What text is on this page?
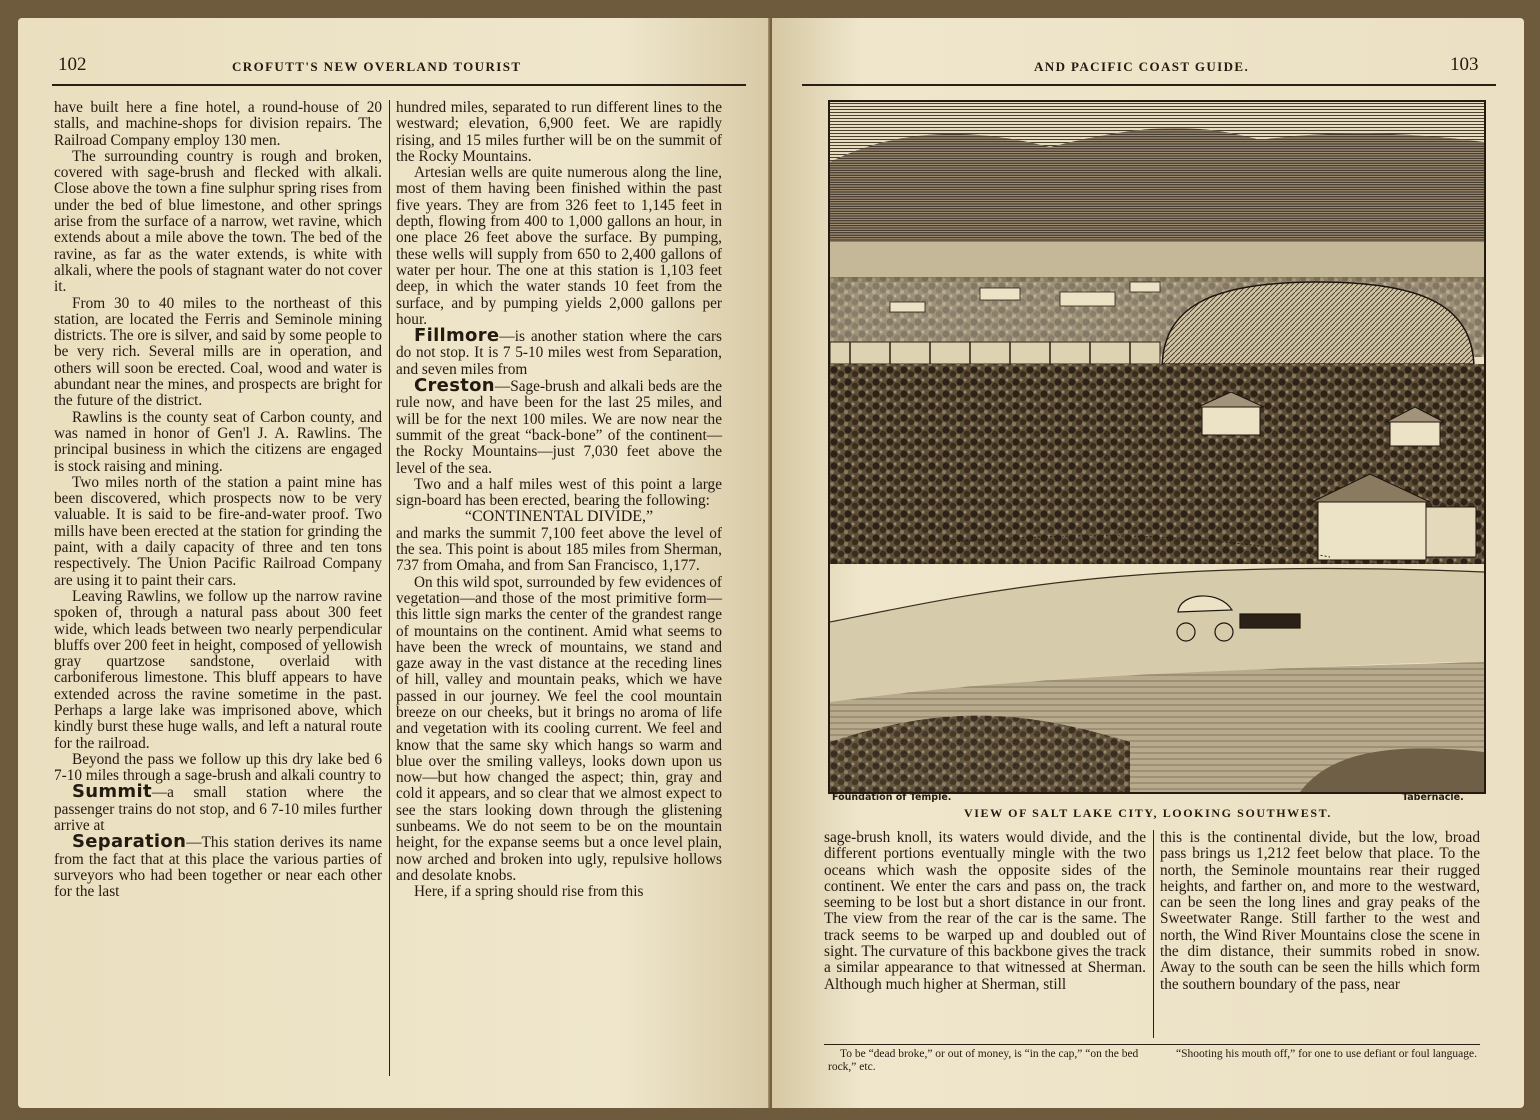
102	CROFUTT'S NEW OVERLAND TOURIST

have built here a fine hotel, a round-house of 20 stalls, and machine-shops for division repairs. The Railroad Company employ 130 men.

The surrounding country is rough and broken, covered with sage-brush and flecked with alkali. Close above the town a fine sulphur spring rises from under the bed of blue limestone, and other springs arise from the surface of a narrow, wet ravine, which extends about a mile above the town. The bed of the ravine, as far as the water extends, is white with alkali, where the pools of stagnant water do not cover it.

From 30 to 40 miles to the northeast of this station, are located the Ferris and Seminole mining districts. The ore is silver, and said by some people to be very rich. Several mills are in operation, and others will soon be erected. Coal, wood and water is abundant near the mines, and prospects are bright for the future of the district.

Rawlins is the county seat of Carbon county, and was named in honor of Gen'l J. A. Rawlins. The principal business in which the citizens are engaged is stock raising and mining.

Two miles north of the station a paint mine has been discovered, which prospects now to be very valuable. It is said to be fire-and-water proof. Two mills have been erected at the station for grinding the paint, with a daily capacity of three and ten tons respectively. The Union Pacific Railroad Company are using it to paint their cars.

Leaving Rawlins, we follow up the narrow ravine spoken of, through a natural pass about 300 feet wide, which leads between two nearly perpendicular bluffs over 200 feet in height, composed of yellowish gray quartzose sandstone, overlaid with carboniferous limestone. This bluff appears to have extended across the ravine sometime in the past. Perhaps a large lake was imprisoned above, which kindly burst these huge walls, and left a natural route for the railroad.

Beyond the pass we follow up this dry lake bed 6 7-10 miles through a sage-brush and alkali country to

Summit—a small station where the passenger trains do not stop, and 6 7-10 miles further arrive at

Separation—This station derives its name from the fact that at this place the various parties of surveyors who had been together or near each other for the last

hundred miles, separated to run different lines to the westward; elevation, 6,900 feet. We are rapidly rising, and 15 miles further will be on the summit of the Rocky Mountains.

Artesian wells are quite numerous along the line, most of them having been finished within the past five years. They are from 326 feet to 1,145 feet in depth, flowing from 400 to 1,000 gallons an hour, in one place 26 feet above the surface. By pumping, these wells will supply from 650 to 2,400 gallons of water per hour. The one at this station is 1,103 feet deep, in which the water stands 10 feet from the surface, and by pumping yields 2,000 gallons per hour.

Fillmore—is another station where the cars do not stop. It is 7 5-10 miles west from Separation, and seven miles from

Creston—Sage-brush and alkali beds are the rule now, and have been for the last 25 miles, and will be for the next 100 miles. We are now near the summit of the great “back-bone” of the continent—the Rocky Mountains—just 7,030 feet above the level of the sea.

Two and a half miles west of this point a large sign-board has been erected, bearing the following:

“CONTINENTAL DIVIDE,”

and marks the summit 7,100 feet above the level of the sea. This point is about 185 miles from Sherman, 737 from Omaha, and from San Francisco, 1,177.

On this wild spot, surrounded by few evidences of vegetation—and those of the most primitive form—this little sign marks the center of the grandest range of mountains on the continent. Amid what seems to have been the wreck of mountains, we stand and gaze away in the vast distance at the receding lines of hill, valley and mountain peaks, which we have passed in our journey. We feel the cool mountain breeze on our cheeks, but it brings no aroma of life and vegetation with its cooling current. We feel and know that the same sky which hangs so warm and blue over the smiling valleys, looks down upon us now—but how changed the aspect; thin, gray and cold it appears, and so clear that we almost expect to see the stars looking down through the glistening sunbeams. We do not seem to be on the mountain height, for the expanse seems but a once level plain, now arched and broken into ugly, repulsive hollows and desolate knobs.

Here, if a spring should rise from this

AND PACIFIC COAST GUIDE.	103
Foundation of Temple.	Tabernacle.
VIEW OF SALT LAKE CITY, LOOKING SOUTHWEST.

sage-brush knoll, its waters would divide, and the different portions eventually mingle with the two oceans which wash the opposite sides of the continent. We enter the cars and pass on, the track seeming to be lost but a short distance in our front. The view from the rear of the car is the same. The track seems to be warped up and doubled out of sight. The curvature of this backbone gives the track a similar appearance to that witnessed at Sherman. Although much higher at Sherman, still

this is the continental divide, but the low, broad pass brings us 1,212 feet below that place. To the north, the Seminole mountains rear their rugged heights, and farther on, and more to the westward, can be seen the long lines and gray peaks of the Sweetwater Range. Still farther to the west and north, the Wind River Mountains close the scene in the dim distance, their summits robed in snow. Away to the south can be seen the hills which form the southern boundary of the pass, near

To be “dead broke,” or out of money, is “in the cap,” “on the bed rock,” etc.
“Shooting his mouth off,” for one to use defiant or foul language.
